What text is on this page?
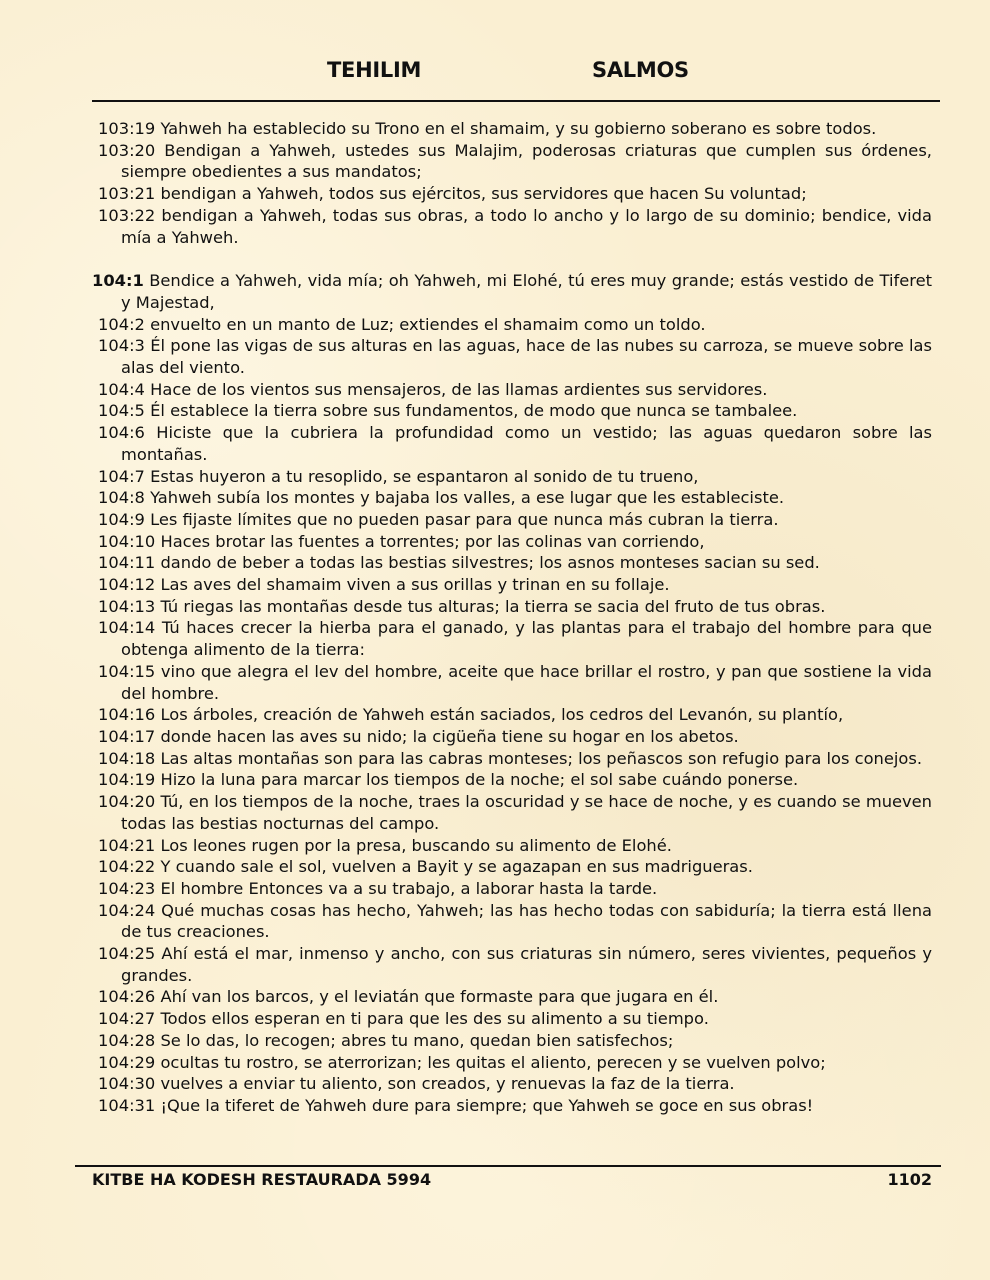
TEHILIM	SALMOS
103:19 Yahweh ha establecido su Trono en el shamaim, y su gobierno soberano es sobre todos.
103:20 Bendigan a Yahweh, ustedes sus Malajim, poderosas criaturas que cumplen sus órdenes, siempre obedientes a sus mandatos;
103:21 bendigan a Yahweh, todos sus ejércitos, sus servidores que hacen Su voluntad;
103:22 bendigan a Yahweh, todas sus obras, a todo lo ancho y lo largo de su dominio; bendice, vida mía a Yahweh.
104:1 Bendice a Yahweh, vida mía; oh Yahweh, mi Elohé, tú eres muy grande; estás vestido de Tiferet y Majestad,
104:2 envuelto en un manto de Luz; extiendes el shamaim como un toldo.
104:3 Él pone las vigas de sus alturas en las aguas, hace de las nubes su carroza, se mueve sobre las alas del viento.
104:4 Hace de los vientos sus mensajeros, de las llamas ardientes sus servidores.
104:5 Él establece la tierra sobre sus fundamentos, de modo que nunca se tambalee.
104:6 Hiciste que la cubriera la profundidad como un vestido; las aguas quedaron sobre las montañas.
104:7 Estas huyeron a tu resoplido, se espantaron al sonido de tu trueno,
104:8 Yahweh subía los montes y bajaba los valles, a ese lugar que les estableciste.
104:9 Les fijaste límites que no pueden pasar para que nunca más cubran la tierra.
104:10 Haces brotar las fuentes a torrentes; por las colinas van corriendo,
104:11 dando de beber a todas las bestias silvestres; los asnos monteses sacian su sed.
104:12 Las aves del shamaim viven a sus orillas y trinan en su follaje.
104:13 Tú riegas las montañas desde tus alturas; la tierra se sacia del fruto de tus obras.
104:14 Tú haces crecer la hierba para el ganado, y las plantas para el trabajo del hombre para que obtenga alimento de la tierra:
104:15 vino que alegra el lev del hombre, aceite que hace brillar el rostro, y pan que sostiene la vida del hombre.
104:16 Los árboles, creación de Yahweh están saciados, los cedros del Levanón, su plantío,
104:17 donde hacen las aves su nido; la cigüeña tiene su hogar en los abetos.
104:18 Las altas montañas son para las cabras monteses; los peñascos son refugio para los conejos.
104:19 Hizo la luna para marcar los tiempos de la noche; el sol sabe cuándo ponerse.
104:20 Tú, en los tiempos de la noche, traes la oscuridad y se hace de noche, y es cuando se mueven todas las bestias nocturnas del campo.
104:21 Los leones rugen por la presa, buscando su alimento de Elohé.
104:22 Y cuando sale el sol, vuelven a Bayit y se agazapan en sus madrigueras.
104:23 El hombre Entonces va a su trabajo, a laborar hasta la tarde.
104:24 Qué muchas cosas has hecho, Yahweh; las has hecho todas con sabiduría; la tierra está llena de tus creaciones.
104:25 Ahí está el mar, inmenso y ancho, con sus criaturas sin número, seres vivientes, pequeños y grandes.
104:26 Ahí van los barcos, y el leviatán que formaste para que jugara en él.
104:27 Todos ellos esperan en ti para que les des su alimento a su tiempo.
104:28 Se lo das, lo recogen; abres tu mano, quedan bien satisfechos;
104:29 ocultas tu rostro, se aterrorizan; les quitas el aliento, perecen y se vuelven polvo;
104:30 vuelves a enviar tu aliento, son creados, y renuevas la faz de la tierra.
104:31 ¡Que la tiferet de Yahweh dure para siempre; que Yahweh se goce en sus obras!
KITBE HA KODESH RESTAURADA 5994	1102
